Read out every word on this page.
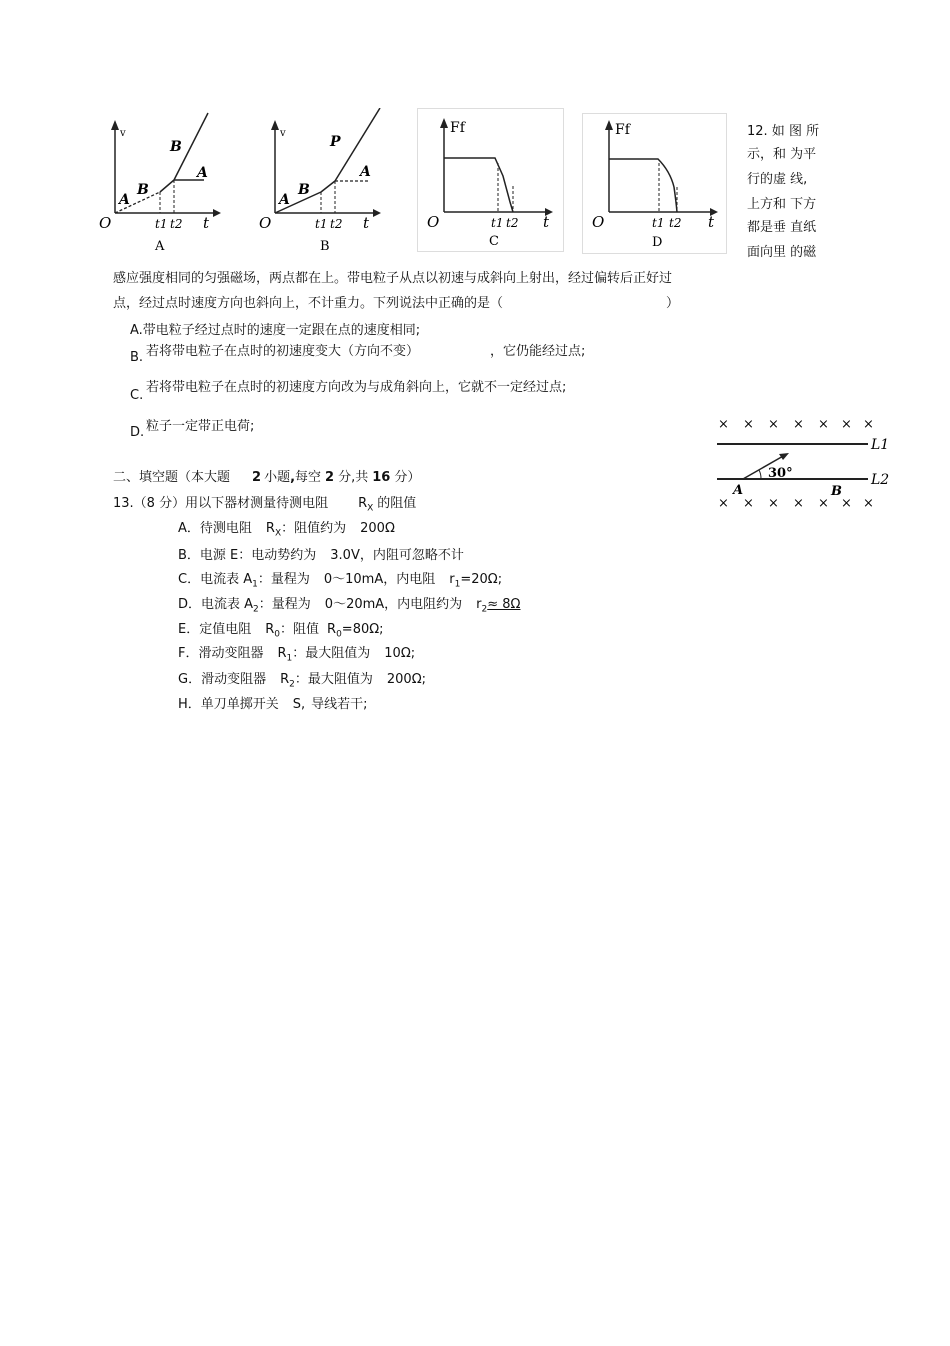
v
O	t
A
B
B
A
t1 t2
A
v
O	t
A
B
P
A
t1 t2
B
Ff
O	t
t1 t2
C
Ff
O	t
t1 t2
D
12. 如 图 所
示，和 为平
行的虚 线,
上方和 下方
都是垂 直纸
面向里 的磁
感应强度相同的匀强磁场，两点都在上。带电粒子从点以初速与成斜向上射出，经过偏转后正好过
点，经过点时速度方向也斜向上，不计重力。下列说法中正确的是（	）
A.带电粒子经过点时的速度一定跟在点的速度相同;
B. 若将带电粒子在点时的初速度变大（方向不变）	，它仍能经过点;
C.
若将带电粒子在点时的初速度方向改为与成角斜向上，它就不一定经过点;
D. 粒子一定带正电荷;	× × × × × × ×
× × × × × × ×
L1
L2
30°
A	B
二、填空题（本大题 2 小题,每空 2 分,共 16 分）
13.（8 分）用以下器材测量待测电阻 $R_X$ 的阻值
A．待测电阻 $R_X$：阻值约为 200Ω
B．电源 E：电动势约为 3.0V，内阻可忽略不计
C．电流表 $A_1$：量程为 0～10mA，内电阻 $r_1=20\Omega$;
D．电流表 $A_2$：量程为 0～20mA，内电阻约为 $r_2\approx 8\Omega$
E．定值电阻 $R_0$：阻值 $R_0=80\Omega$;
F．滑动变阻器 $R_1$：最大阻值为 10Ω;
G．滑动变阻器 $R_2$：最大阻值为 200Ω;
H．单刀单掷开关 S, 导线若干;
